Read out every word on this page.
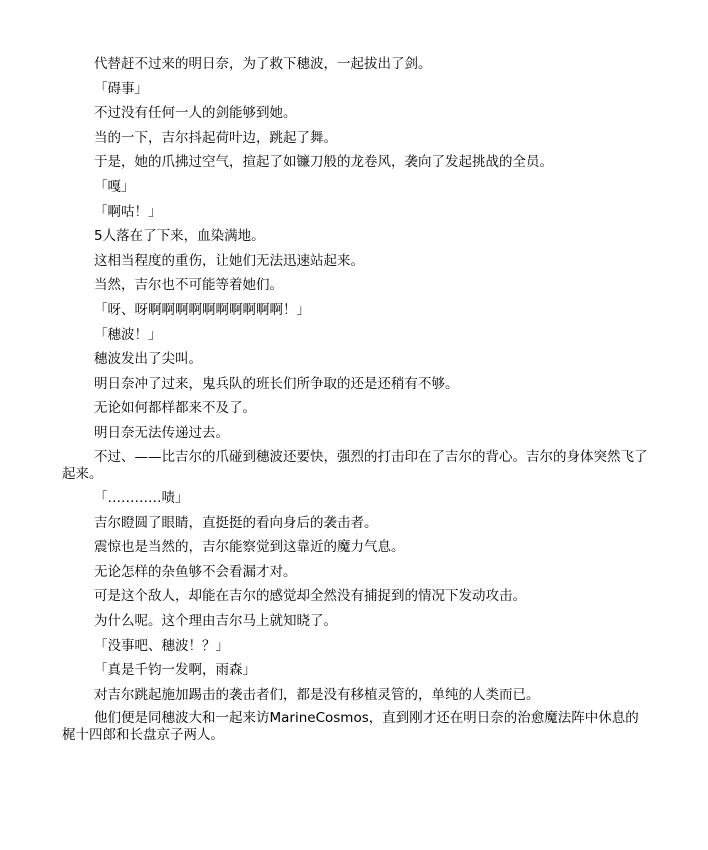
代替赶不过来的明日奈，为了救下穗波，一起拔出了剑。

「碍事」

不过没有任何一人的剑能够到她。

当的一下，吉尔抖起荷叶边，跳起了舞。

于是，她的爪拂过空气，揎起了如镰刀般的龙卷风，袭向了发起挑战的全员。

「嘎」

「啊咕！」

5人落在了下来，血染满地。

这相当程度的重伤，让她们无法迅速站起来。

当然，吉尔也不可能等着她们。

「呀、呀啊啊啊啊啊啊啊啊啊啊！」

「穗波！」

穗波发出了尖叫。

明日奈冲了过来，鬼兵队的班长们所争取的还是还稍有不够。

无论如何都样都来不及了。

明日奈无法传递过去。

不过、——比吉尔的爪碰到穗波还要快，强烈的打击印在了吉尔的背心。吉尔的身体突然飞了起来。

「…………啧」

吉尔瞪圆了眼睛，直挺挺的看向身后的袭击者。

震惊也是当然的，吉尔能察觉到这靠近的魔力气息。

无论怎样的杂鱼够不会看漏才对。

可是这个敌人，却能在吉尔的感觉却全然没有捕捉到的情况下发动攻击。

为什么呢。这个理由吉尔马上就知晓了。

「没事吧、穗波！？」

「真是千钧一发啊，雨森」

对吉尔跳起施加踢击的袭击者们，都是没有移植灵管的，单纯的人类而已。

他们便是同穗波大和一起来访MarineCosmos，直到刚才还在明日奈的治愈魔法阵中休息的梶十四郎和长盘京子两人。
